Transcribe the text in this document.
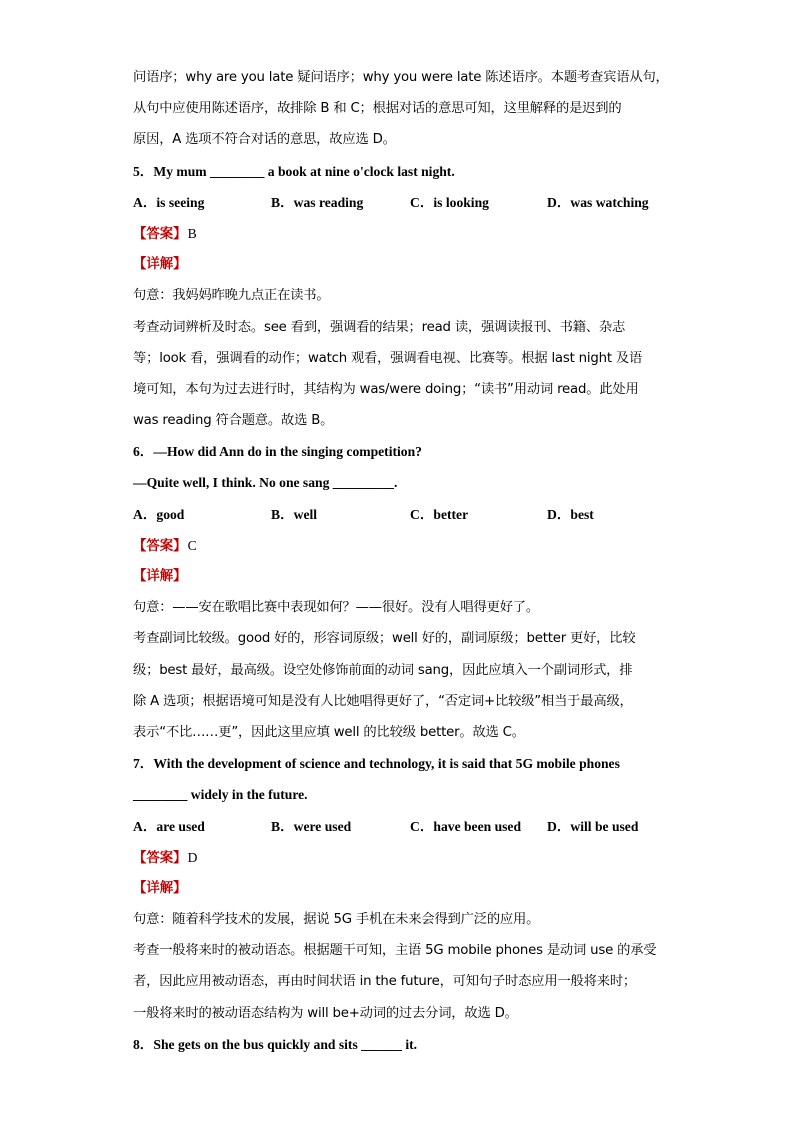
问语序；why are you late 疑问语序；why you were late 陈述语序。本题考查宾语从句，
从句中应使用陈述语序，故排除 B 和 C；根据对话的意思可知，这里解释的是迟到的
原因，A 选项不符合对话的意思，故应选 D。
5．My mum ________ a book at nine o'clock last night.
A．is seeing	B．was reading	C．is looking	D．was watching
【答案】B
【详解】
句意：我妈妈昨晚九点正在读书。
考查动词辨析及时态。see 看到，强调看的结果；read 读，强调读报刊、书籍、杂志
等；look 看，强调看的动作；watch 观看，强调看电视、比赛等。根据 last night 及语
境可知，本句为过去进行时，其结构为 was/were doing；“读书”用动词 read。此处用
was reading 符合题意。故选 B。
6．—How did Ann do in the singing competition?
—Quite well, I think. No one sang _________.
A．good	B．well	C．better	D．best
【答案】C
【详解】
句意：——安在歌唱比赛中表现如何？——很好。没有人唱得更好了。
考查副词比较级。good 好的，形容词原级；well 好的，副词原级；better 更好，比较
级；best 最好，最高级。设空处修饰前面的动词 sang，因此应填入一个副词形式，排
除 A 选项；根据语境可知是没有人比她唱得更好了，“否定词+比较级”相当于最高级，
表示“不比……更”，因此这里应填 well 的比较级 better。故选 C。
7．With the development of science and technology, it is said that 5G mobile phones
________ widely in the future.
A．are used	B．were used	C．have been used D．will be used
【答案】D
【详解】
句意：随着科学技术的发展，据说 5G 手机在未来会得到广泛的应用。
考查一般将来时的被动语态。根据题干可知，主语 5G mobile phones 是动词 use 的承受
者，因此应用被动语态，再由时间状语 in the future，可知句子时态应用一般将来时；
一般将来时的被动语态结构为 will be+动词的过去分词，故选 D。
8．She gets on the bus quickly and sits ______ it.
